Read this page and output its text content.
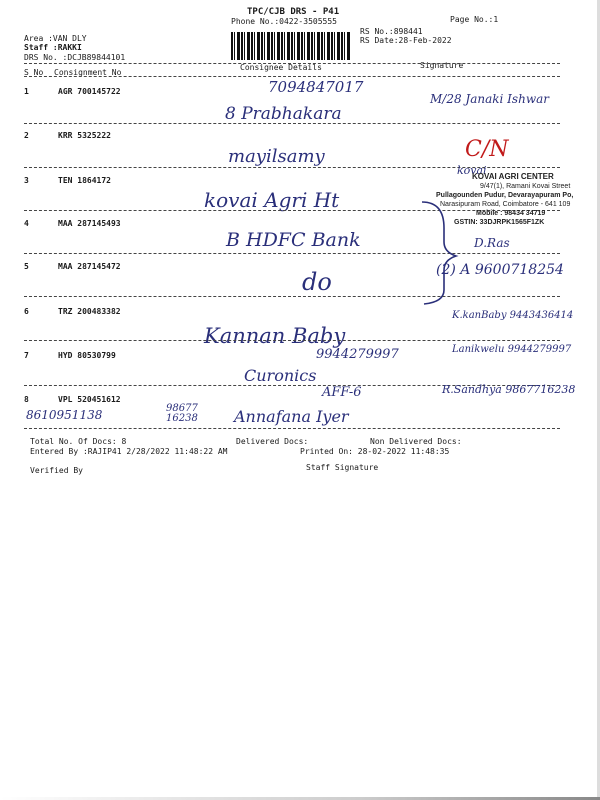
TPC/CJB DRS - P41
Phone No.:0422-3505555	Page No.:1
RS No.:898441
RS Date:28-Feb-2022
Area :VAN DLY
Staff :RAKKI
DRS No. :DCJB89844101
S No Consignment No
Consignee Details	Signature
1	AGR 700145722	7094847017
8 Prabhakara
M/28 Janaki Ishwar
2	KRR 5325222
mayilsamy	C/N
3	TEN 1864172
kovai Agri Ht
kovai
KOVAI AGRI CENTER
9/47(1), Ramani Kovai Street
Pullagounden Pudur, Devarayapuram Po,
Narasipuram Road, Coimbatore - 641 109
Mobile : 98434 34719
GSTIN: 33DJRPK1565F1ZK
4	MAA 287145493
B HDFC Bank	D.Ras
5	MAA 287145472
do	(2) A 9600718254
6	TRZ 200483382
Kannan Baby
K.kanBaby 9443436414
7	HYD 80530799	9944279997
Curonics
Lanikwelu 9944279997
8	VPL 520451612	AFF-6
8610951138	98677 16238 Annafana Iyer
R.Sandhya 9867716238
Total No. Of Docs: 8	Delivered Docs:	Non Delivered Docs:
Entered By :RAJIP41 2/28/2022 11:48:22 AM	Printed On: 28-02-2022 11:48:35
Verified By	Staff Signature
